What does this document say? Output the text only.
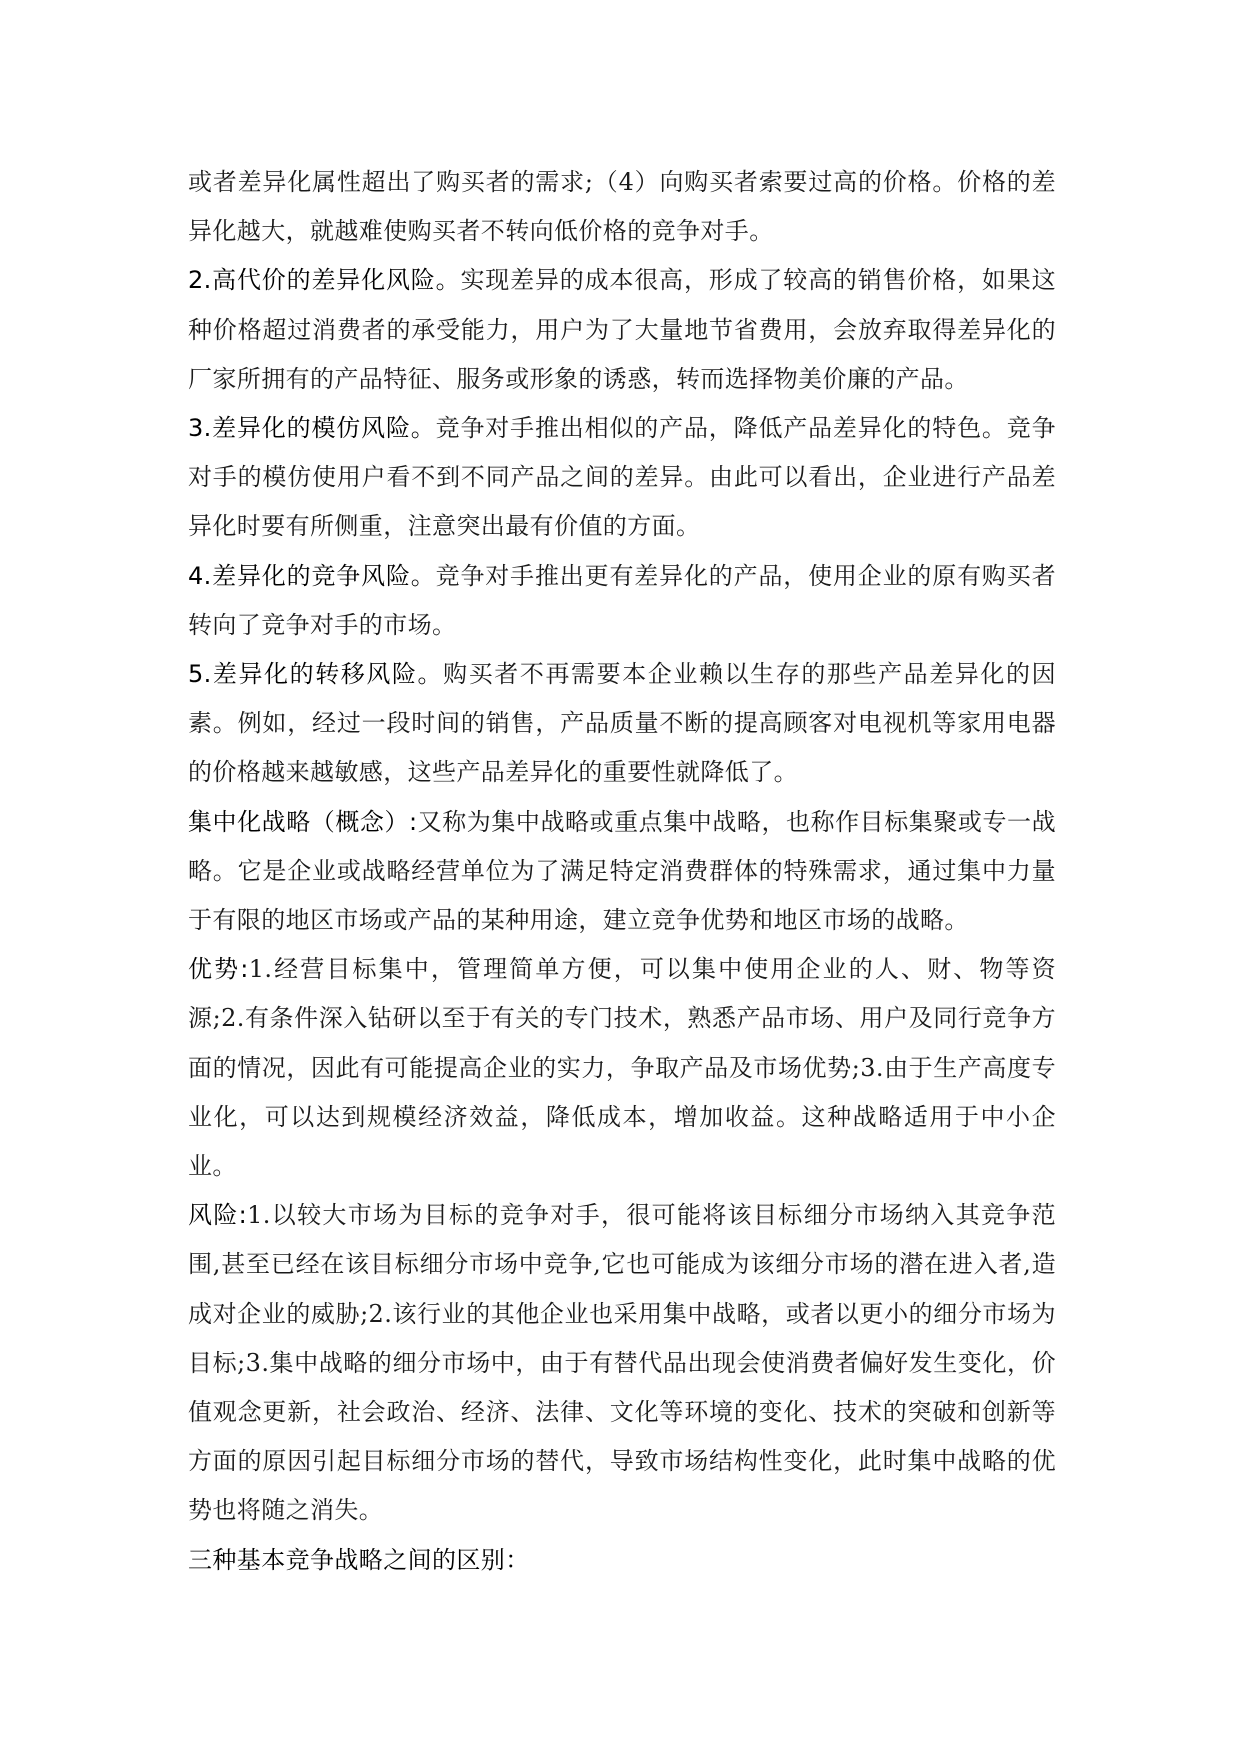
或者差异化属性超出了购买者的需求;（4）向购买者索要过高的价格。价格的差异化越大，就越难使购买者不转向低价格的竞争对手。

2.高代价的差异化风险。实现差异的成本很高，形成了较高的销售价格，如果这种价格超过消费者的承受能力，用户为了大量地节省费用，会放弃取得差异化的厂家所拥有的产品特征、服务或形象的诱惑，转而选择物美价廉的产品。

3.差异化的模仿风险。竞争对手推出相似的产品，降低产品差异化的特色。竞争对手的模仿使用户看不到不同产品之间的差异。由此可以看出，企业进行产品差异化时要有所侧重，注意突出最有价值的方面。

4.差异化的竞争风险。竞争对手推出更有差异化的产品，使用企业的原有购买者转向了竞争对手的市场。

5.差异化的转移风险。购买者不再需要本企业赖以生存的那些产品差异化的因素。例如，经过一段时间的销售，产品质量不断的提高顾客对电视机等家用电器的价格越来越敏感，这些产品差异化的重要性就降低了。

集中化战略（概念）:又称为集中战略或重点集中战略，也称作目标集聚或专一战略。它是企业或战略经营单位为了满足特定消费群体的特殊需求，通过集中力量于有限的地区市场或产品的某种用途，建立竞争优势和地区市场的战略。

优势:1.经营目标集中，管理简单方便，可以集中使用企业的人、财、物等资源;2.有条件深入钻研以至于有关的专门技术，熟悉产品市场、用户及同行竞争方面的情况，因此有可能提高企业的实力，争取产品及市场优势;3.由于生产高度专业化，可以达到规模经济效益，降低成本，增加收益。这种战略适用于中小企业。

风险:1.以较大市场为目标的竞争对手，很可能将该目标细分市场纳入其竞争范围,甚至已经在该目标细分市场中竞争,它也可能成为该细分市场的潜在进入者,造成对企业的威胁;2.该行业的其他企业也采用集中战略，或者以更小的细分市场为目标;3.集中战略的细分市场中，由于有替代品出现会使消费者偏好发生变化，价值观念更新，社会政治、经济、法律、文化等环境的变化、技术的突破和创新等方面的原因引起目标细分市场的替代，导致市场结构性变化，此时集中战略的优势也将随之消失。

三种基本竞争战略之间的区别：
